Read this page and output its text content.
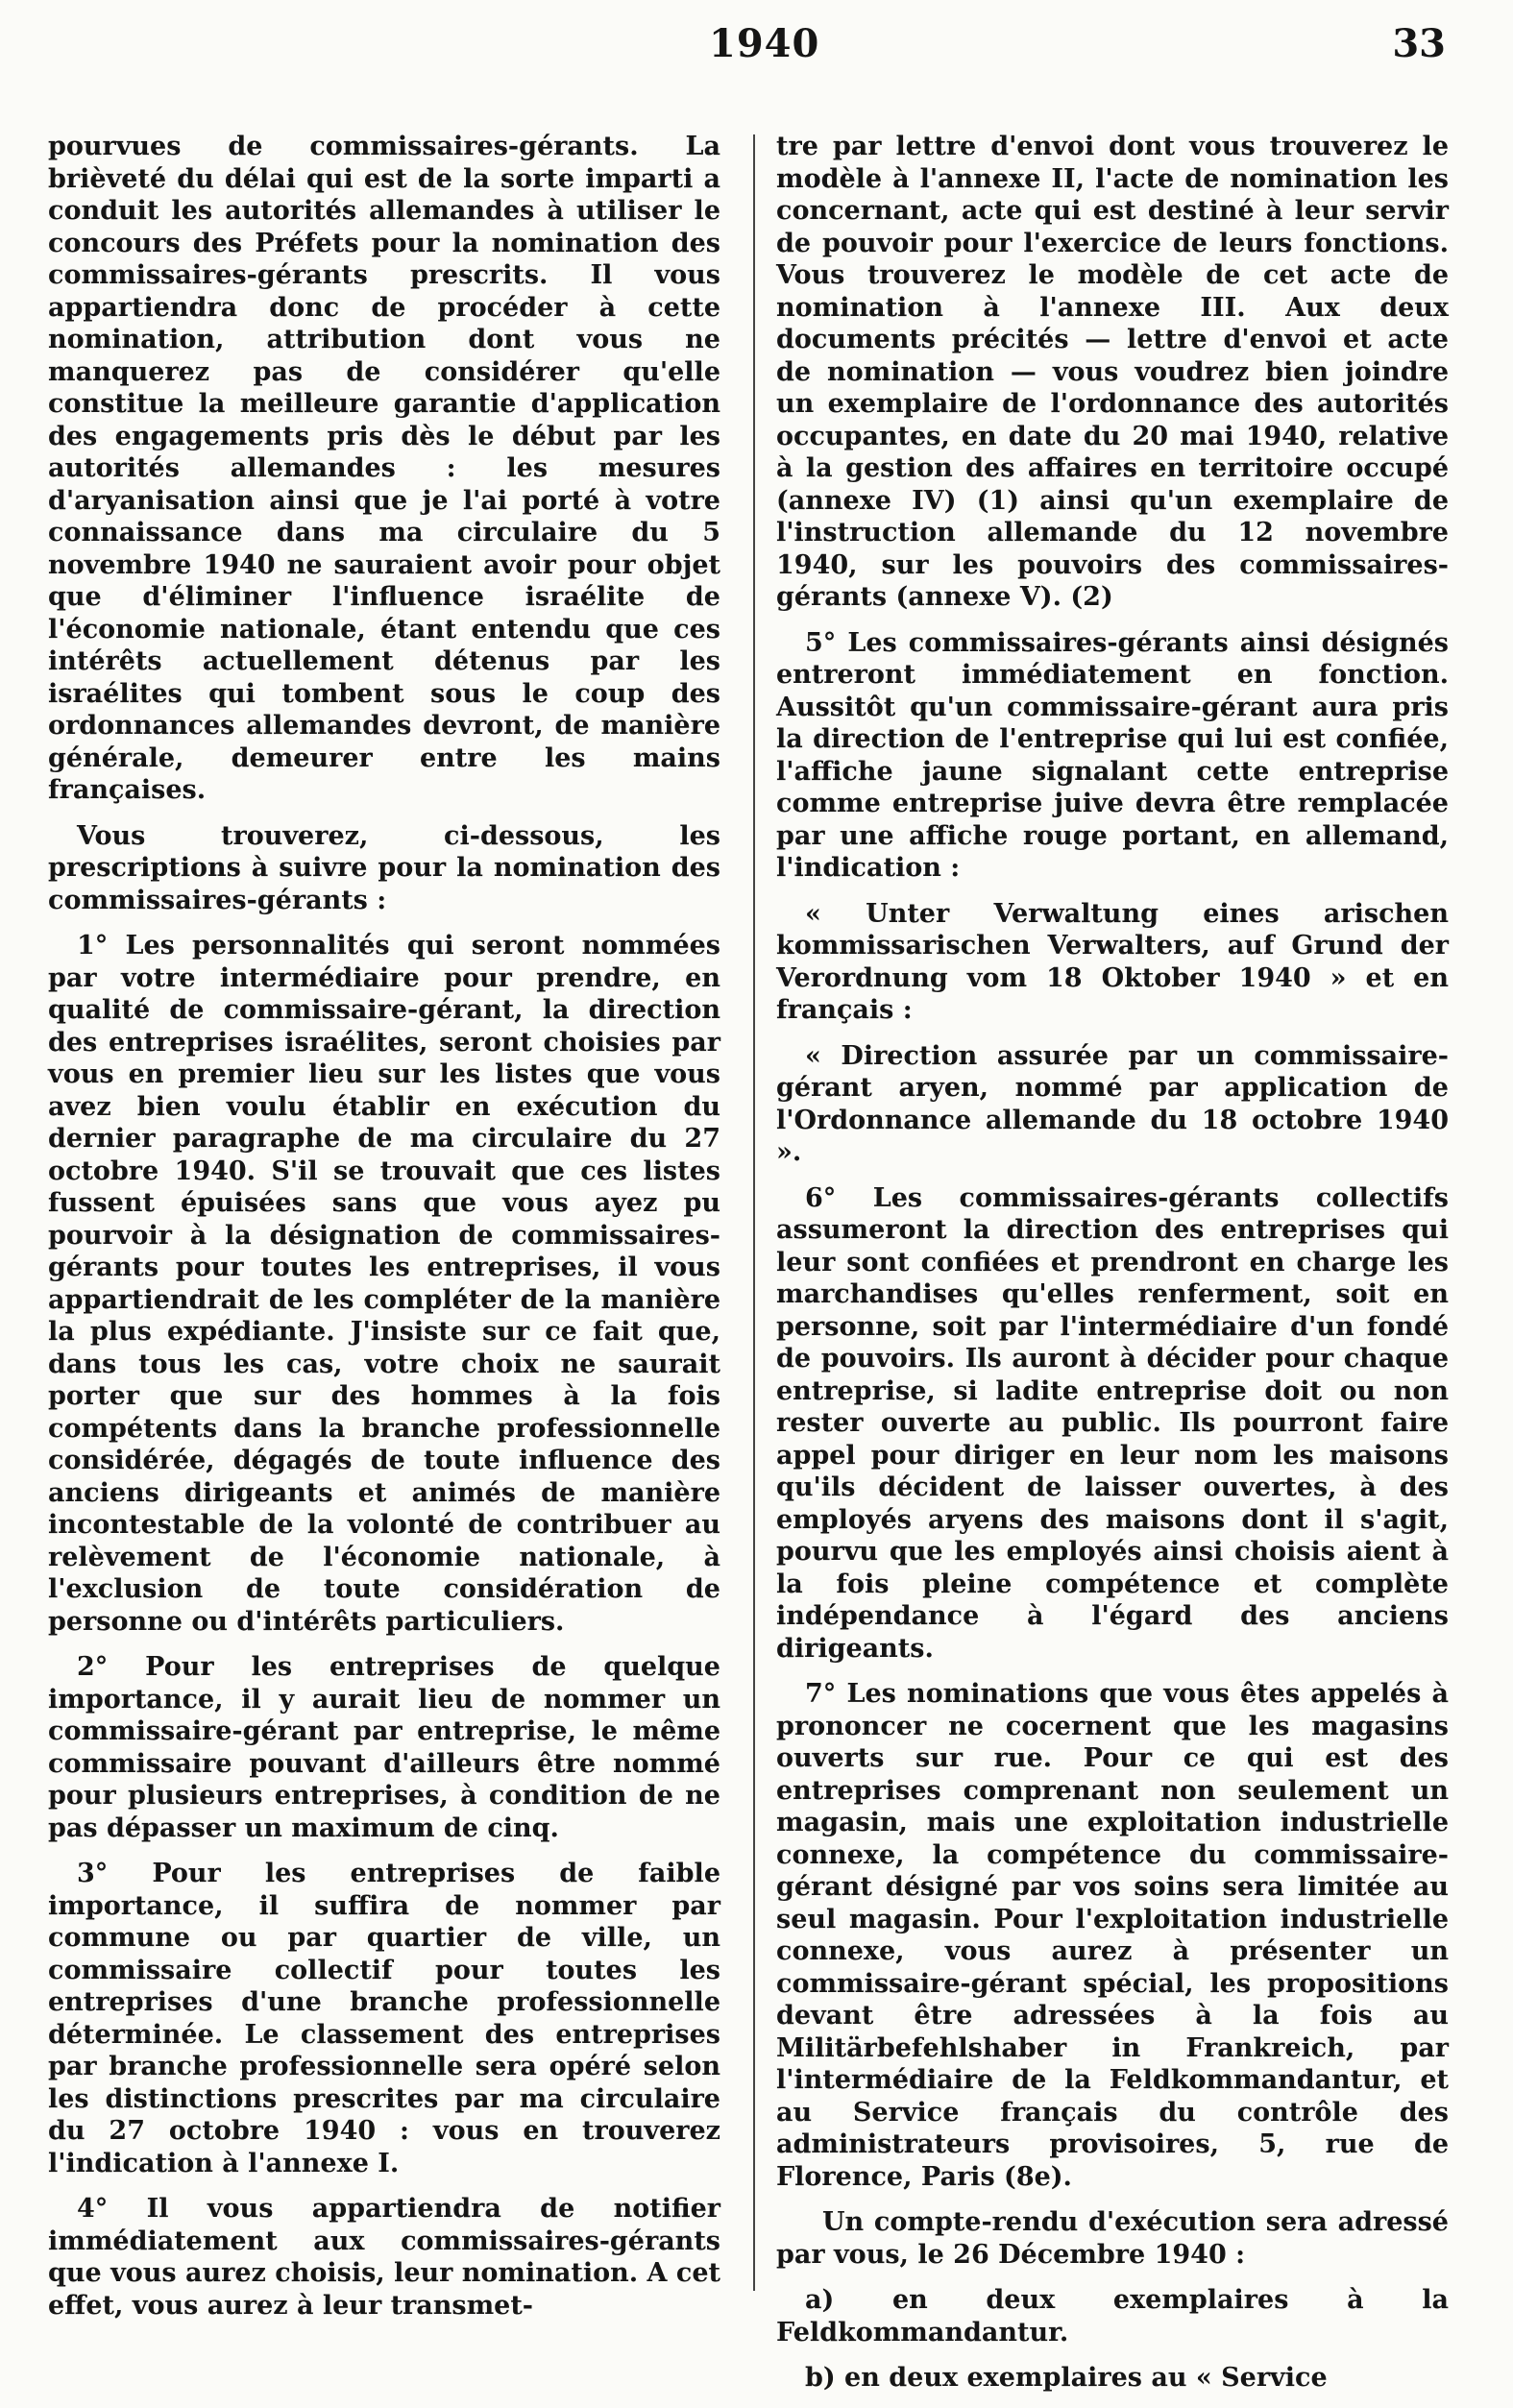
1940	33

pourvues de commissaires-gérants. La brièveté du délai qui est de la sorte imparti a conduit les autorités allemandes à utiliser le concours des Préfets pour la nomination des commissaires-gérants prescrits. Il vous appartiendra donc de procéder à cette nomination, attribution dont vous ne manquerez pas de considérer qu'elle constitue la meilleure garantie d'application des engagements pris dès le début par les autorités allemandes : les mesures d'aryanisation ainsi que je l'ai porté à votre connaissance dans ma circulaire du 5 novembre 1940 ne sauraient avoir pour objet que d'éliminer l'influence israélite de l'économie nationale, étant entendu que ces intérêts actuellement détenus par les israélites qui tombent sous le coup des ordonnances allemandes devront, de manière générale, demeurer entre les mains françaises.

Vous trouverez, ci-dessous, les prescriptions à suivre pour la nomination des commissaires-gérants :

1° Les personnalités qui seront nommées par votre intermédiaire pour prendre, en qualité de commissaire-gérant, la direction des entreprises israélites, seront choisies par vous en premier lieu sur les listes que vous avez bien voulu établir en exécution du dernier paragraphe de ma circulaire du 27 octobre 1940. S'il se trouvait que ces listes fussent épuisées sans que vous ayez pu pourvoir à la désignation de commissaires-gérants pour toutes les entreprises, il vous appartiendrait de les compléter de la manière la plus expédiante. J'insiste sur ce fait que, dans tous les cas, votre choix ne saurait porter que sur des hommes à la fois compétents dans la branche professionnelle considérée, dégagés de toute influence des anciens dirigeants et animés de manière incontestable de la volonté de contribuer au relèvement de l'économie nationale, à l'exclusion de toute considération de personne ou d'intérêts particuliers.

2° Pour les entreprises de quelque importance, il y aurait lieu de nommer un commissaire-gérant par entreprise, le même commissaire pouvant d'ailleurs être nommé pour plusieurs entreprises, à condition de ne pas dépasser un maximum de cinq.

3° Pour les entreprises de faible importance, il suffira de nommer par commune ou par quartier de ville, un commissaire collectif pour toutes les entreprises d'une branche professionnelle déterminée. Le classement des entreprises par branche professionnelle sera opéré selon les distinctions prescrites par ma circulaire du 27 octobre 1940 : vous en trouverez l'indication à l'annexe I.

4° Il vous appartiendra de notifier immédiatement aux commissaires-gérants que vous aurez choisis, leur nomination. A cet effet, vous aurez à leur transmet-

tre par lettre d'envoi dont vous trouverez le modèle à l'annexe II, l'acte de nomination les concernant, acte qui est destiné à leur servir de pouvoir pour l'exercice de leurs fonctions. Vous trouverez le modèle de cet acte de nomination à l'annexe III. Aux deux documents précités — lettre d'envoi et acte de nomination — vous voudrez bien joindre un exemplaire de l'ordonnance des autorités occupantes, en date du 20 mai 1940, relative à la gestion des affaires en territoire occupé (annexe IV) (1) ainsi qu'un exemplaire de l'instruction allemande du 12 novembre 1940, sur les pouvoirs des commissaires-gérants (annexe V). (2)

5° Les commissaires-gérants ainsi désignés entreront immédiatement en fonction. Aussitôt qu'un commissaire-gérant aura pris la direction de l'entreprise qui lui est confiée, l'affiche jaune signalant cette entreprise comme entreprise juive devra être remplacée par une affiche rouge portant, en allemand, l'indication :

« Unter Verwaltung eines arischen kommissarischen Verwalters, auf Grund der Verordnung vom 18 Oktober 1940 » et en français :

« Direction assurée par un commissaire-gérant aryen, nommé par application de l'Ordonnance allemande du 18 octobre 1940 ».

6° Les commissaires-gérants collectifs assumeront la direction des entreprises qui leur sont confiées et prendront en charge les marchandises qu'elles renferment, soit en personne, soit par l'intermédiaire d'un fondé de pouvoirs. Ils auront à décider pour chaque entreprise, si ladite entreprise doit ou non rester ouverte au public. Ils pourront faire appel pour diriger en leur nom les maisons qu'ils décident de laisser ouvertes, à des employés aryens des maisons dont il s'agit, pourvu que les employés ainsi choisis aient à la fois pleine compétence et complète indépendance à l'égard des anciens dirigeants.

7° Les nominations que vous êtes appelés à prononcer ne cocernent que les magasins ouverts sur rue. Pour ce qui est des entreprises comprenant non seulement un magasin, mais une exploitation industrielle connexe, la compétence du commissaire-gérant désigné par vos soins sera limitée au seul magasin. Pour l'exploitation industrielle connexe, vous aurez à présenter un commissaire-gérant spécial, les propositions devant être adressées à la fois au Militärbefehlshaber in Frankreich, par l'intermédiaire de la Feldkommandantur, et au Service français du contrôle des administrateurs provisoires, 5, rue de Florence, Paris (8e).

Un compte-rendu d'exécution sera adressé par vous, le 26 Décembre 1940 :

a) en deux exemplaires à la Feldkommandantur.

b) en deux exemplaires au « Service
